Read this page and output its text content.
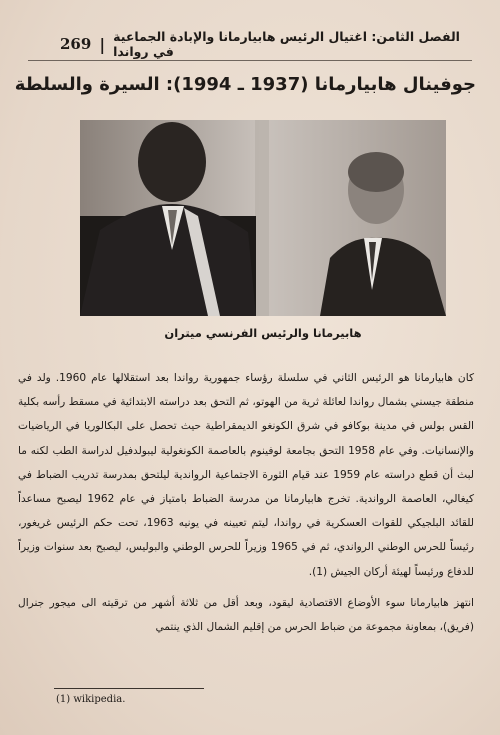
269 | الفصل الثامن: اغتيال الرئيس هابيارمانا والإبادة الجماعية في رواندا
جوفينال هابيارمانا (1937 ـ 1994): السيرة والسلطة
هابيرمانا والرئيس الفرنسي ميتران

كان هابيارمانا هو الرئيس الثاني في سلسلة رؤساء جمهورية رواندا بعد استقلالها عام 1960. ولد في منطقة جيسني بشمال رواندا لعائلة ثرية من الهوتو، ثم التحق بعد دراسته الابتدائية في مسقط رأسه بكلية القس بولس في مدينة بوكافو في شرق الكونغو الديمقراطية حيث تحصل على البكالوريا في الرياضيات والإنسانيات. وفي عام 1958 التحق بجامعة لوفينوم بالعاصمة الكونغولية ليبولدفيل لدراسة الطب لكنه ما لبث أن قطع دراسته عام 1959 عند قيام الثورة الاجتماعية الرواندية ليلتحق بمدرسة تدريب الضباط في كيغالي، العاصمة الرواندية. تخرج هابيارمانا من مدرسة الضباط بامتياز في عام 1962 ليصبح مساعداً للقائد البلجيكي للقوات العسكرية في رواندا، ليتم تعيينه في يونيه 1963، تحت حكم الرئيس غريغور، رئيساً للحرس الوطني الرواندي، ثم في 1965 وزيراً للحرس الوطني والبوليس، ليصبح بعد سنوات وزيراً للدفاع ورئيساً لهيئة أركان الجيش (1).

انتهز هابيارمانا سوء الأوضاع الاقتصادية ليقود، وبعد أقل من ثلاثة أشهر من ترقيته الى ميجور جنرال (فريق)، بمعاونة مجموعة من ضباط الحرس من إقليم الشمال الذي ينتمي

(1) wikipedia.
